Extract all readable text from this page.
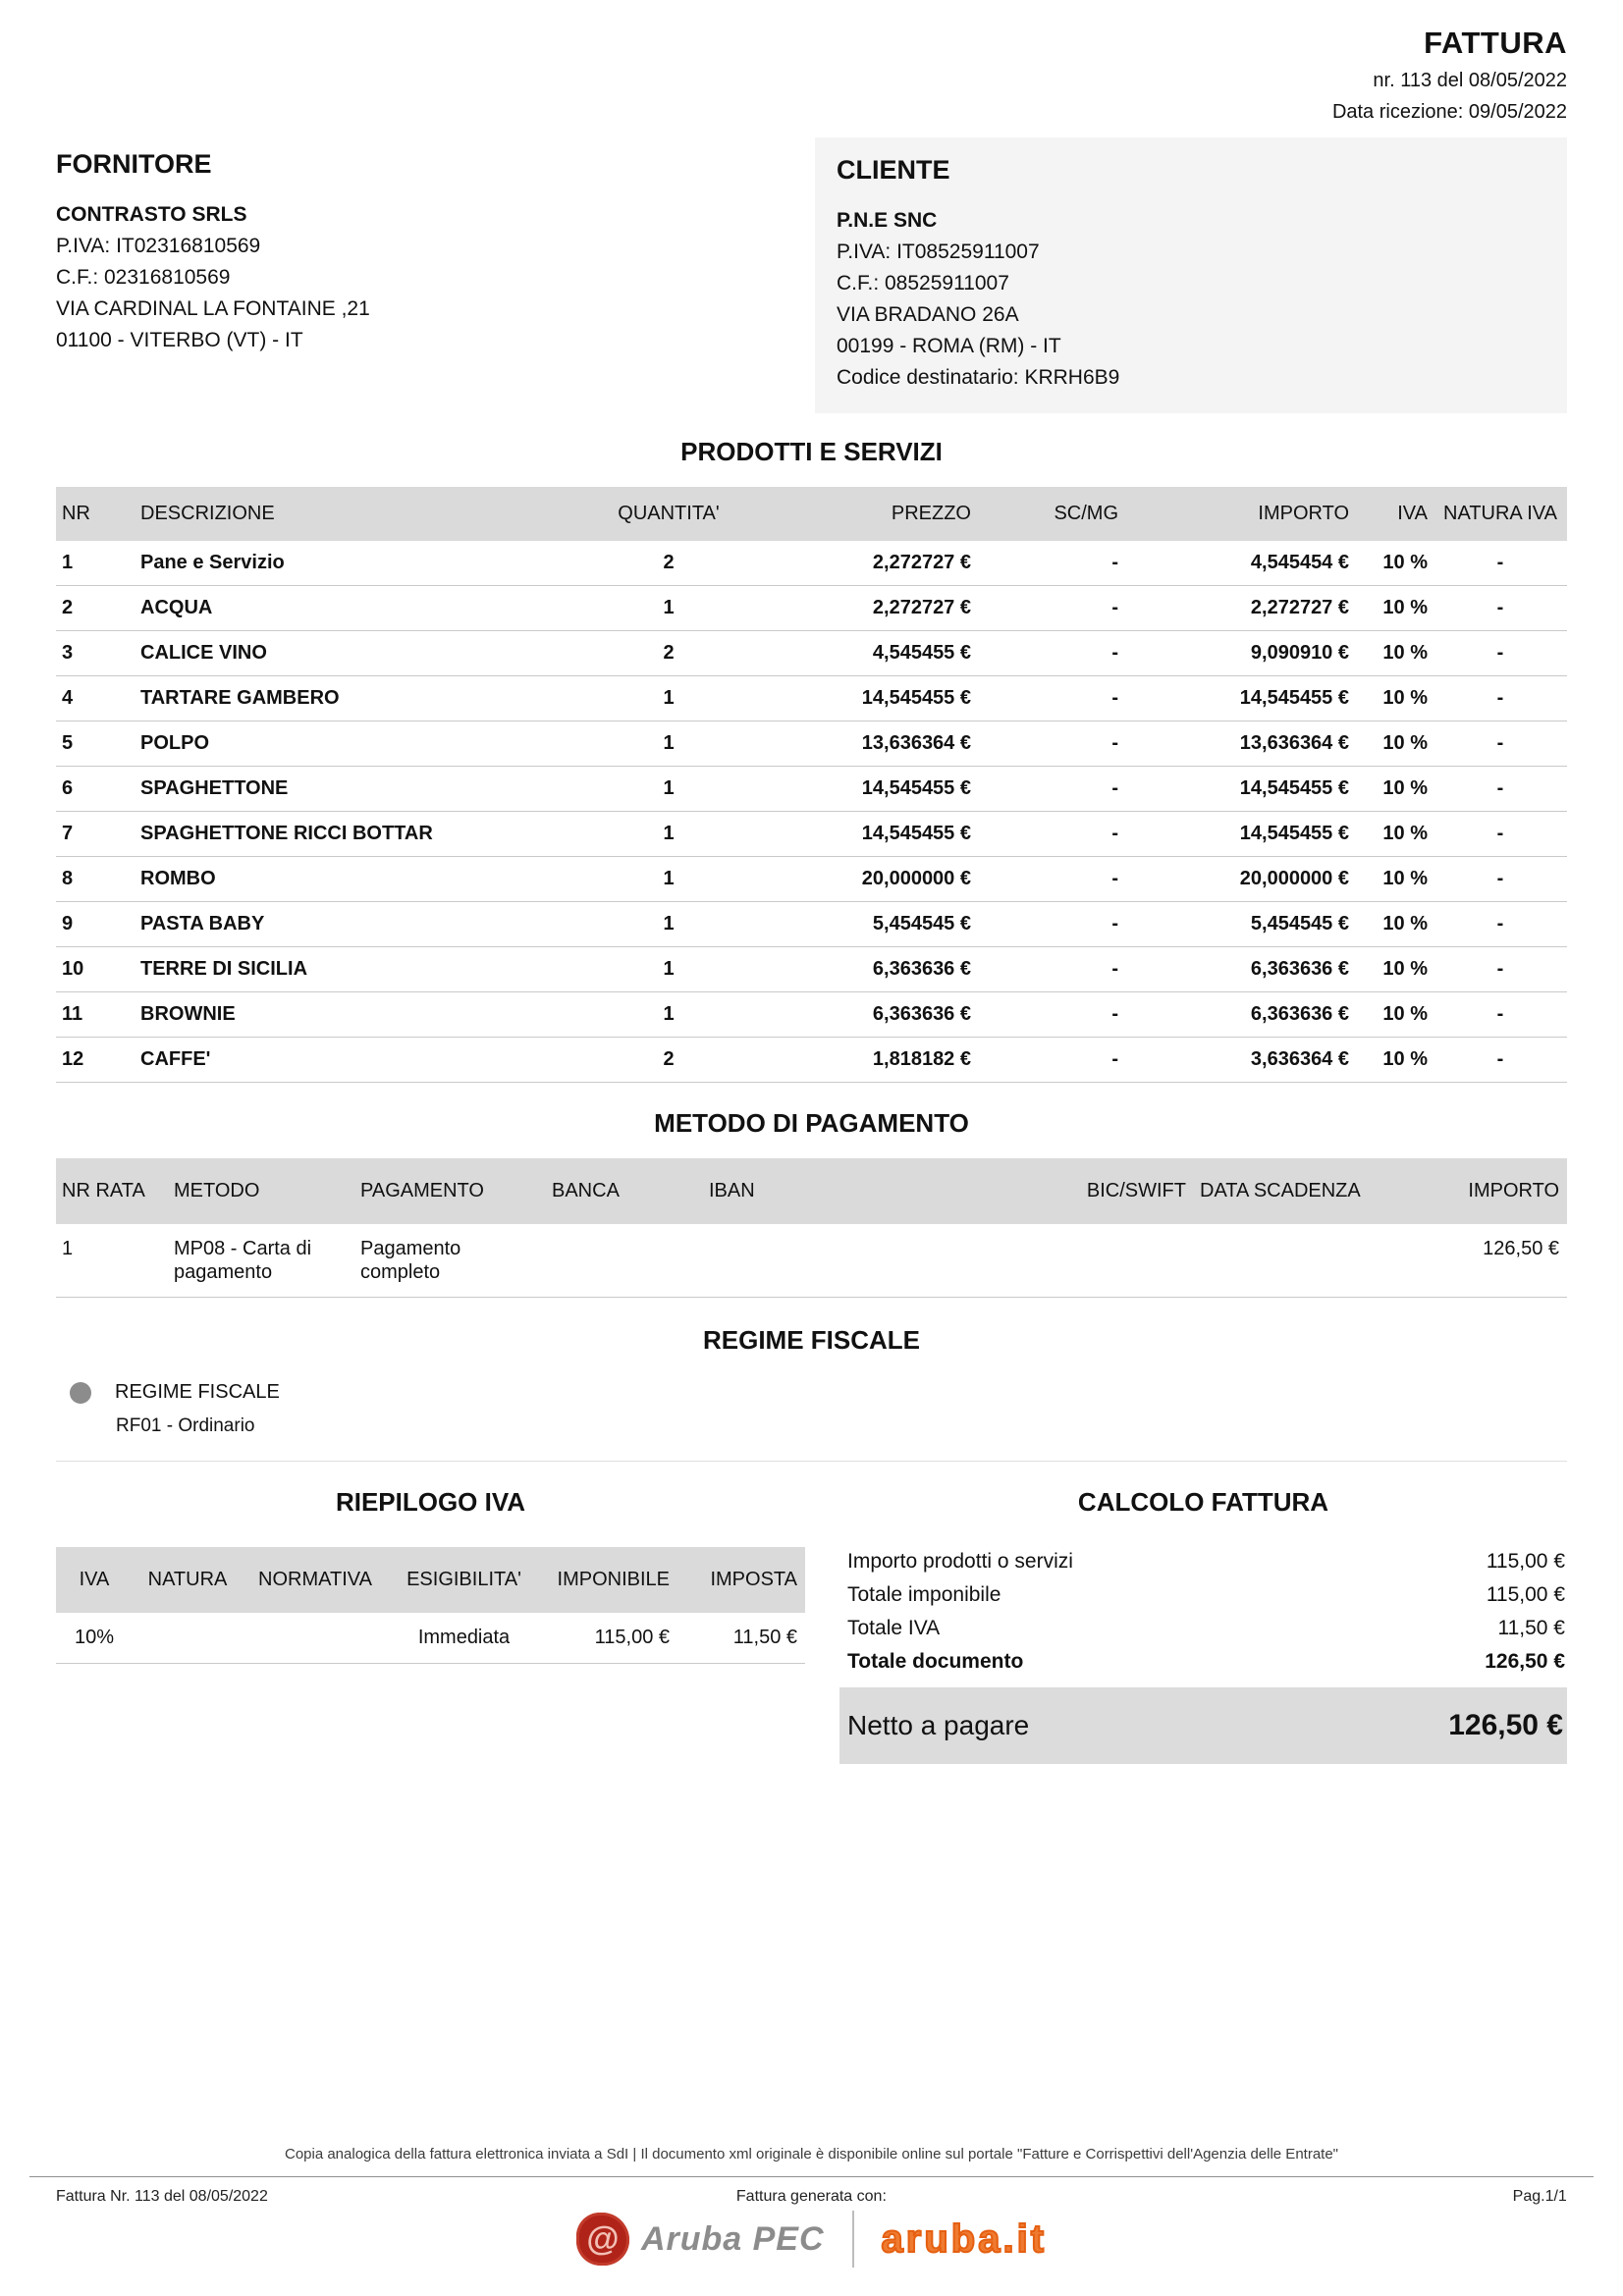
FATTURA
nr. 113 del 08/05/2022
Data ricezione: 09/05/2022
FORNITORE
CONTRASTO SRLS
P.IVA: IT02316810569
C.F.: 02316810569
VIA CARDINAL LA FONTAINE ,21
01100 - VITERBO (VT) - IT
CLIENTE
P.N.E SNC
P.IVA: IT08525911007
C.F.: 08525911007
VIA BRADANO 26A
00199 - ROMA (RM) - IT
Codice destinatario: KRRH6B9
PRODOTTI E SERVIZI
NR	DESCRIZIONE	QUANTITA'	PREZZO	SC/MG	IMPORTO	IVA	NATURA IVA
1	Pane e Servizio	2	2,272727 €	-	4,545454 €	10 %	-
2	ACQUA	1	2,272727 €	-	2,272727 €	10 %	-
3	CALICE VINO	2	4,545455 €	-	9,090910 €	10 %	-
4	TARTARE GAMBERO	1	14,545455 €	-	14,545455 €	10 %	-
5	POLPO	1	13,636364 €	-	13,636364 €	10 %	-
6	SPAGHETTONE	1	14,545455 €	-	14,545455 €	10 %	-
7	SPAGHETTONE RICCI BOTTAR	1	14,545455 €	-	14,545455 €	10 %	-
8	ROMBO	1	20,000000 €	-	20,000000 €	10 %	-
9	PASTA BABY	1	5,454545 €	-	5,454545 €	10 %	-
10	TERRE DI SICILIA	1	6,363636 €	-	6,363636 €	10 %	-
11	BROWNIE	1	6,363636 €	-	6,363636 €	10 %	-
12	CAFFE'	2	1,818182 €	-	3,636364 €	10 %	-
METODO DI PAGAMENTO
NR RATA	METODO	PAGAMENTO	BANCA	IBAN	BIC/SWIFT	DATA SCADENZA	IMPORTO
1	MP08 - Carta di pagamento	Pagamento completo					126,50 €
REGIME FISCALE
REGIME FISCALE
RF01 - Ordinario
RIEPILOGO IVA
IVA	NATURA	NORMATIVA	ESIGIBILITA'	IMPONIBILE	IMPOSTA
10%			Immediata	115,00 €	11,50 €
CALCOLO FATTURA
Importo prodotti o servizi	115,00 €
Totale imponibile	115,00 €
Totale IVA	11,50 €
Totale documento	126,50 €
Netto a pagare	126,50 €
Copia analogica della fattura elettronica inviata a SdI | Il documento xml originale è disponibile online sul portale "Fatture e Corrispettivi dell'Agenzia delle Entrate"
Fattura Nr. 113 del 08/05/2022	Fattura generata con:	Pag.1/1
@ Aruba PEC aruba.it
